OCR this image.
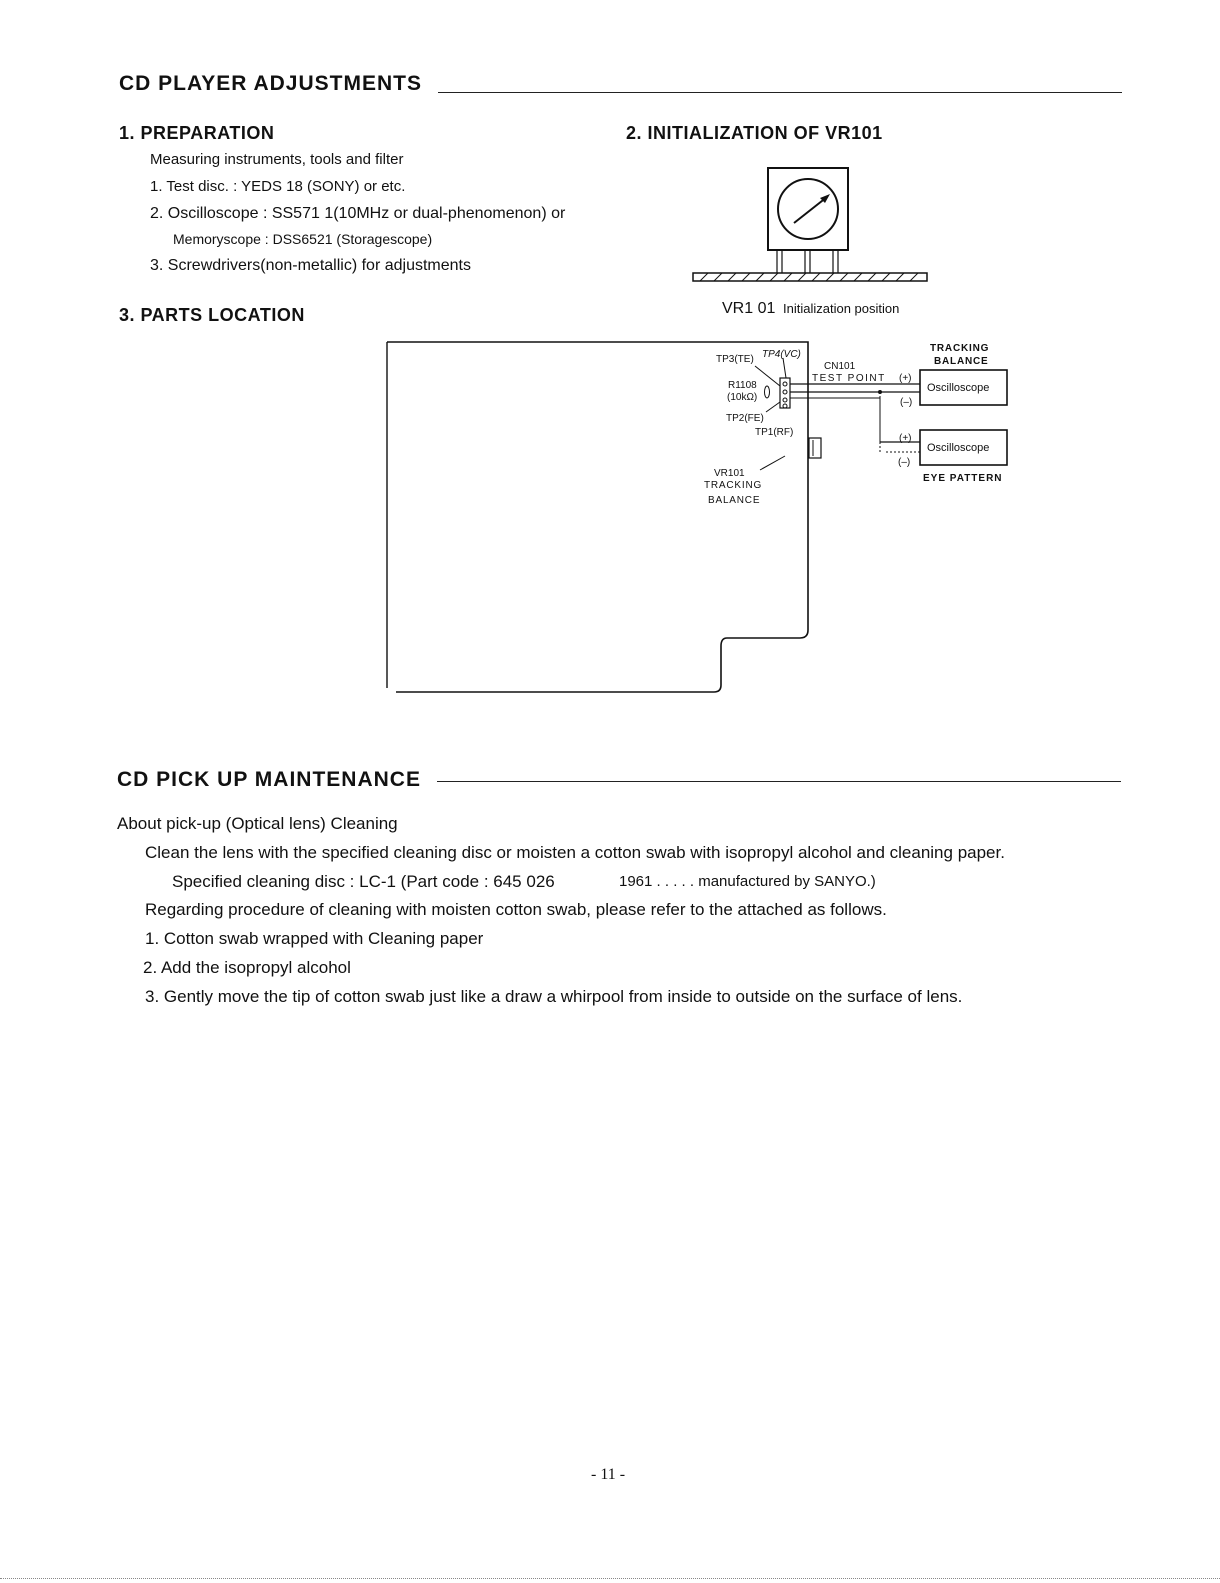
CD PLAYER ADJUSTMENTS
1. PREPARATION
Measuring instruments, tools and filter
1. Test disc. : YEDS 18 (SONY) or etc.
2. Oscilloscope : SS571 1(10MHz or dual-phenomenon) or
Memoryscope : DSS6521 (Storagescope)
3. Screwdrivers(non-metallic) for adjustments
2. INITIALIZATION OF VR101
VR1 01 Initialization position
3. PARTS LOCATION
TP3(TE) TP4(VC)
R1108
(10kΩ)
TP2(FE)
TP1(RF)
VR101
TRACKING
BALANCE
CN101
TEST POINT (+)
(–)
(+)
(–)
TRACKING
BALANCE
Oscilloscope
Oscilloscope
EYE PATTERN
CD PICK UP MAINTENANCE
About pick-up (Optical lens) Cleaning
Clean the lens with the specified cleaning disc or moisten a cotton swab with isopropyl alcohol and cleaning paper.
Specified cleaning disc : LC-1 (Part code : 645 026	1961 . . . . . manufactured by SANYO.)
Regarding procedure of cleaning with moisten cotton swab, please refer to the attached as follows.
1. Cotton swab wrapped with Cleaning paper
2. Add the isopropyl alcohol
3. Gently move the tip of cotton swab just like a draw a whirpool from inside to outside on the surface of lens.
- 11 -
